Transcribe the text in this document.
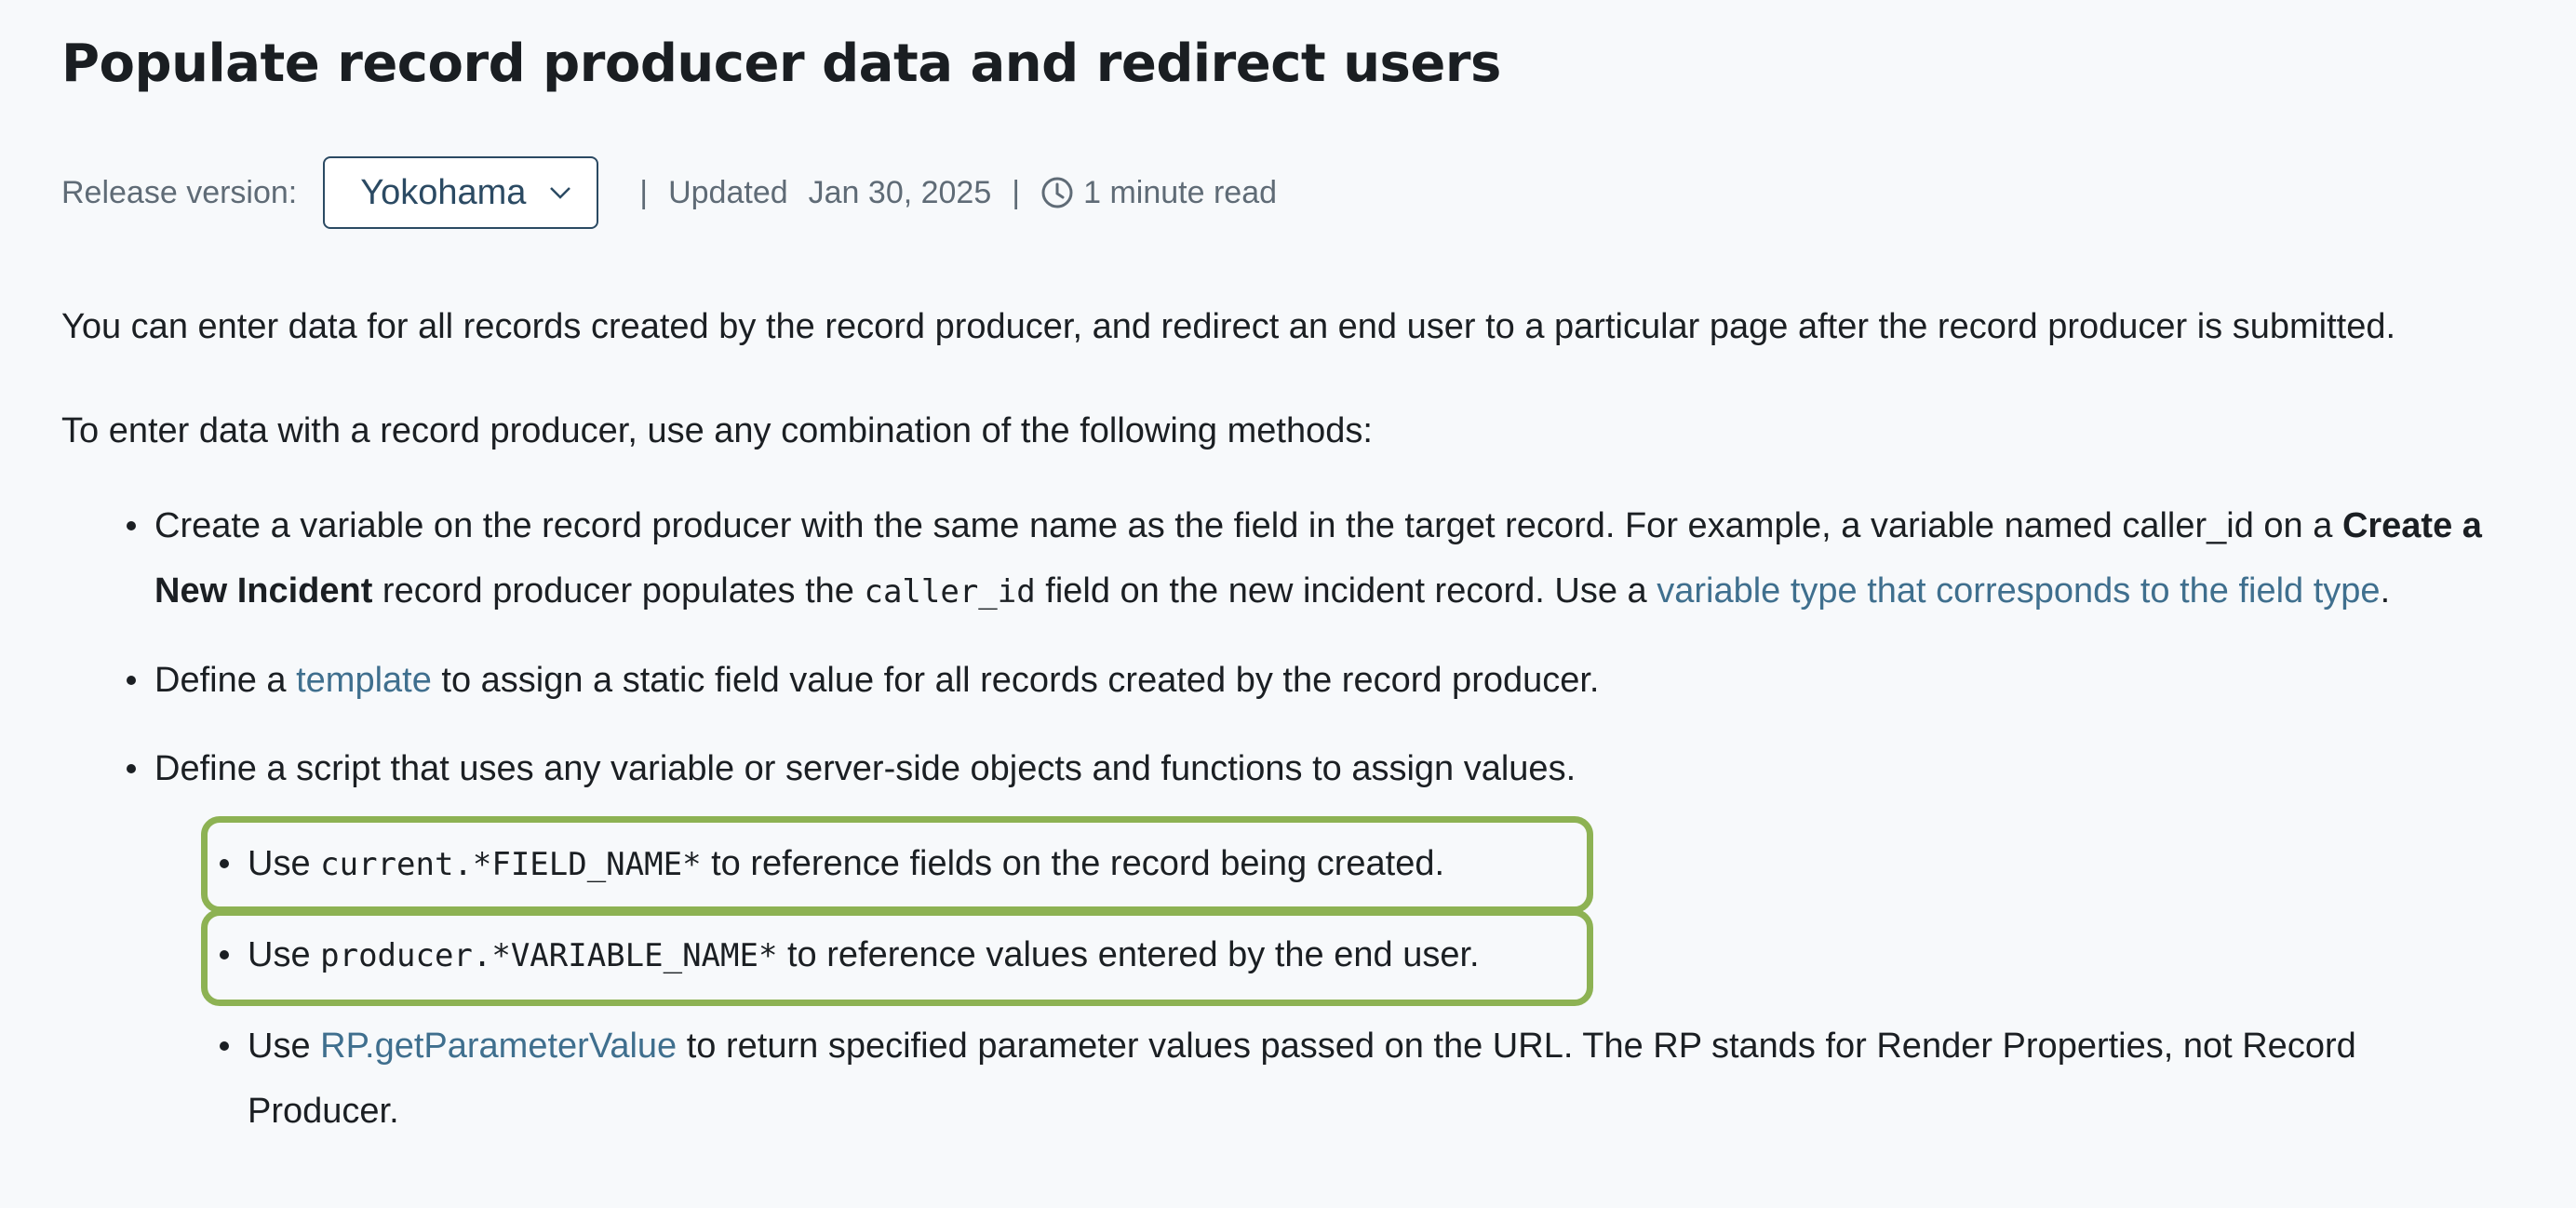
Populate record producer data and redirect users
Release version: Yokohama	| Updated Jan 30, 2025 | 1 minute read

You can enter data for all records created by the record producer, and redirect an end user to a particular page after the record producer is submitted.

To enter data with a record producer, use any combination of the following methods:

Create a variable on the record producer with the same name as the field in the target record. For example, a variable named caller_id on a Create a
New Incident record producer populates the caller_id field on the new incident record. Use a variable type that corresponds to the field type.
Define a template to assign a static field value for all records created by the record producer.
Define a script that uses any variable or server-side objects and functions to assign values.
Use current.*FIELD_NAME* to reference fields on the record being created.
Use producer.*VARIABLE_NAME* to reference values entered by the end user.
Use RP.getParameterValue to return specified parameter values passed on the URL. The RP stands for Render Properties, not Record
Producer.
